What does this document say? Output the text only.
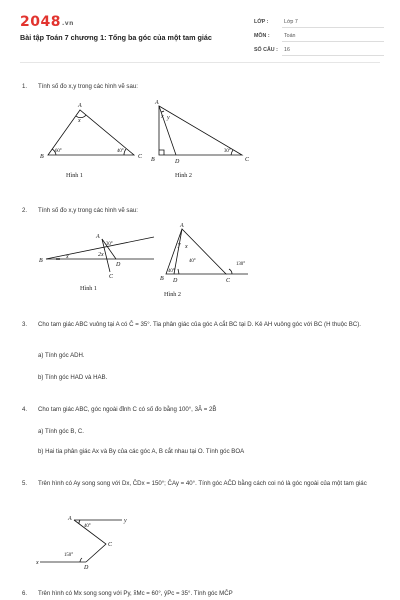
2048.vn
Bài tập Toán 7 chương 1: Tổng ba góc của một tam giác
LỚP :	Lớp 7
MÔN :	Toán
SỐ CÂU : 16
1.	Tính số đo x,y trong các hình vẽ sau:
A
B	C
60°	40°
x
A
B	C
D
30°
x y
Hình 1	Hình 2
2.	Tính số đo x,y trong các hình vẽ sau:
A
B
C
D
30°
x	2x
A
B	C
D
40°
40°
130°
x
y
Hình 1
Hình 2
3.	Cho tam giác ABC vuông tại A có Ĉ = 35°. Tia phân giác của góc A cắt BC tại D. Kẻ AH vuông góc với BC (H thuộc BC).
a) Tính góc ADH.
b) Tính góc HAD và HAB.
4.	Cho tam giác ABC, góc ngoài đỉnh C có số đo bằng 100°, 3Â = 2B̂
a) Tính góc B, C.
b) Hai tia phân giác Ax và By của các góc A, B cắt nhau tại O. Tính góc BOA
5.	Trên hình có Ay song song với Dx, ĈDx = 150°; ĈAy = 40°. Tính góc AĈD bằng cách coi nó là góc ngoài của một tam giác
A
C
D
x
y
40°
150°
6.	Trên hình có Mx song song với Py, x̂Mc = 60°, ŷPc = 35°. Tính góc MĈP
